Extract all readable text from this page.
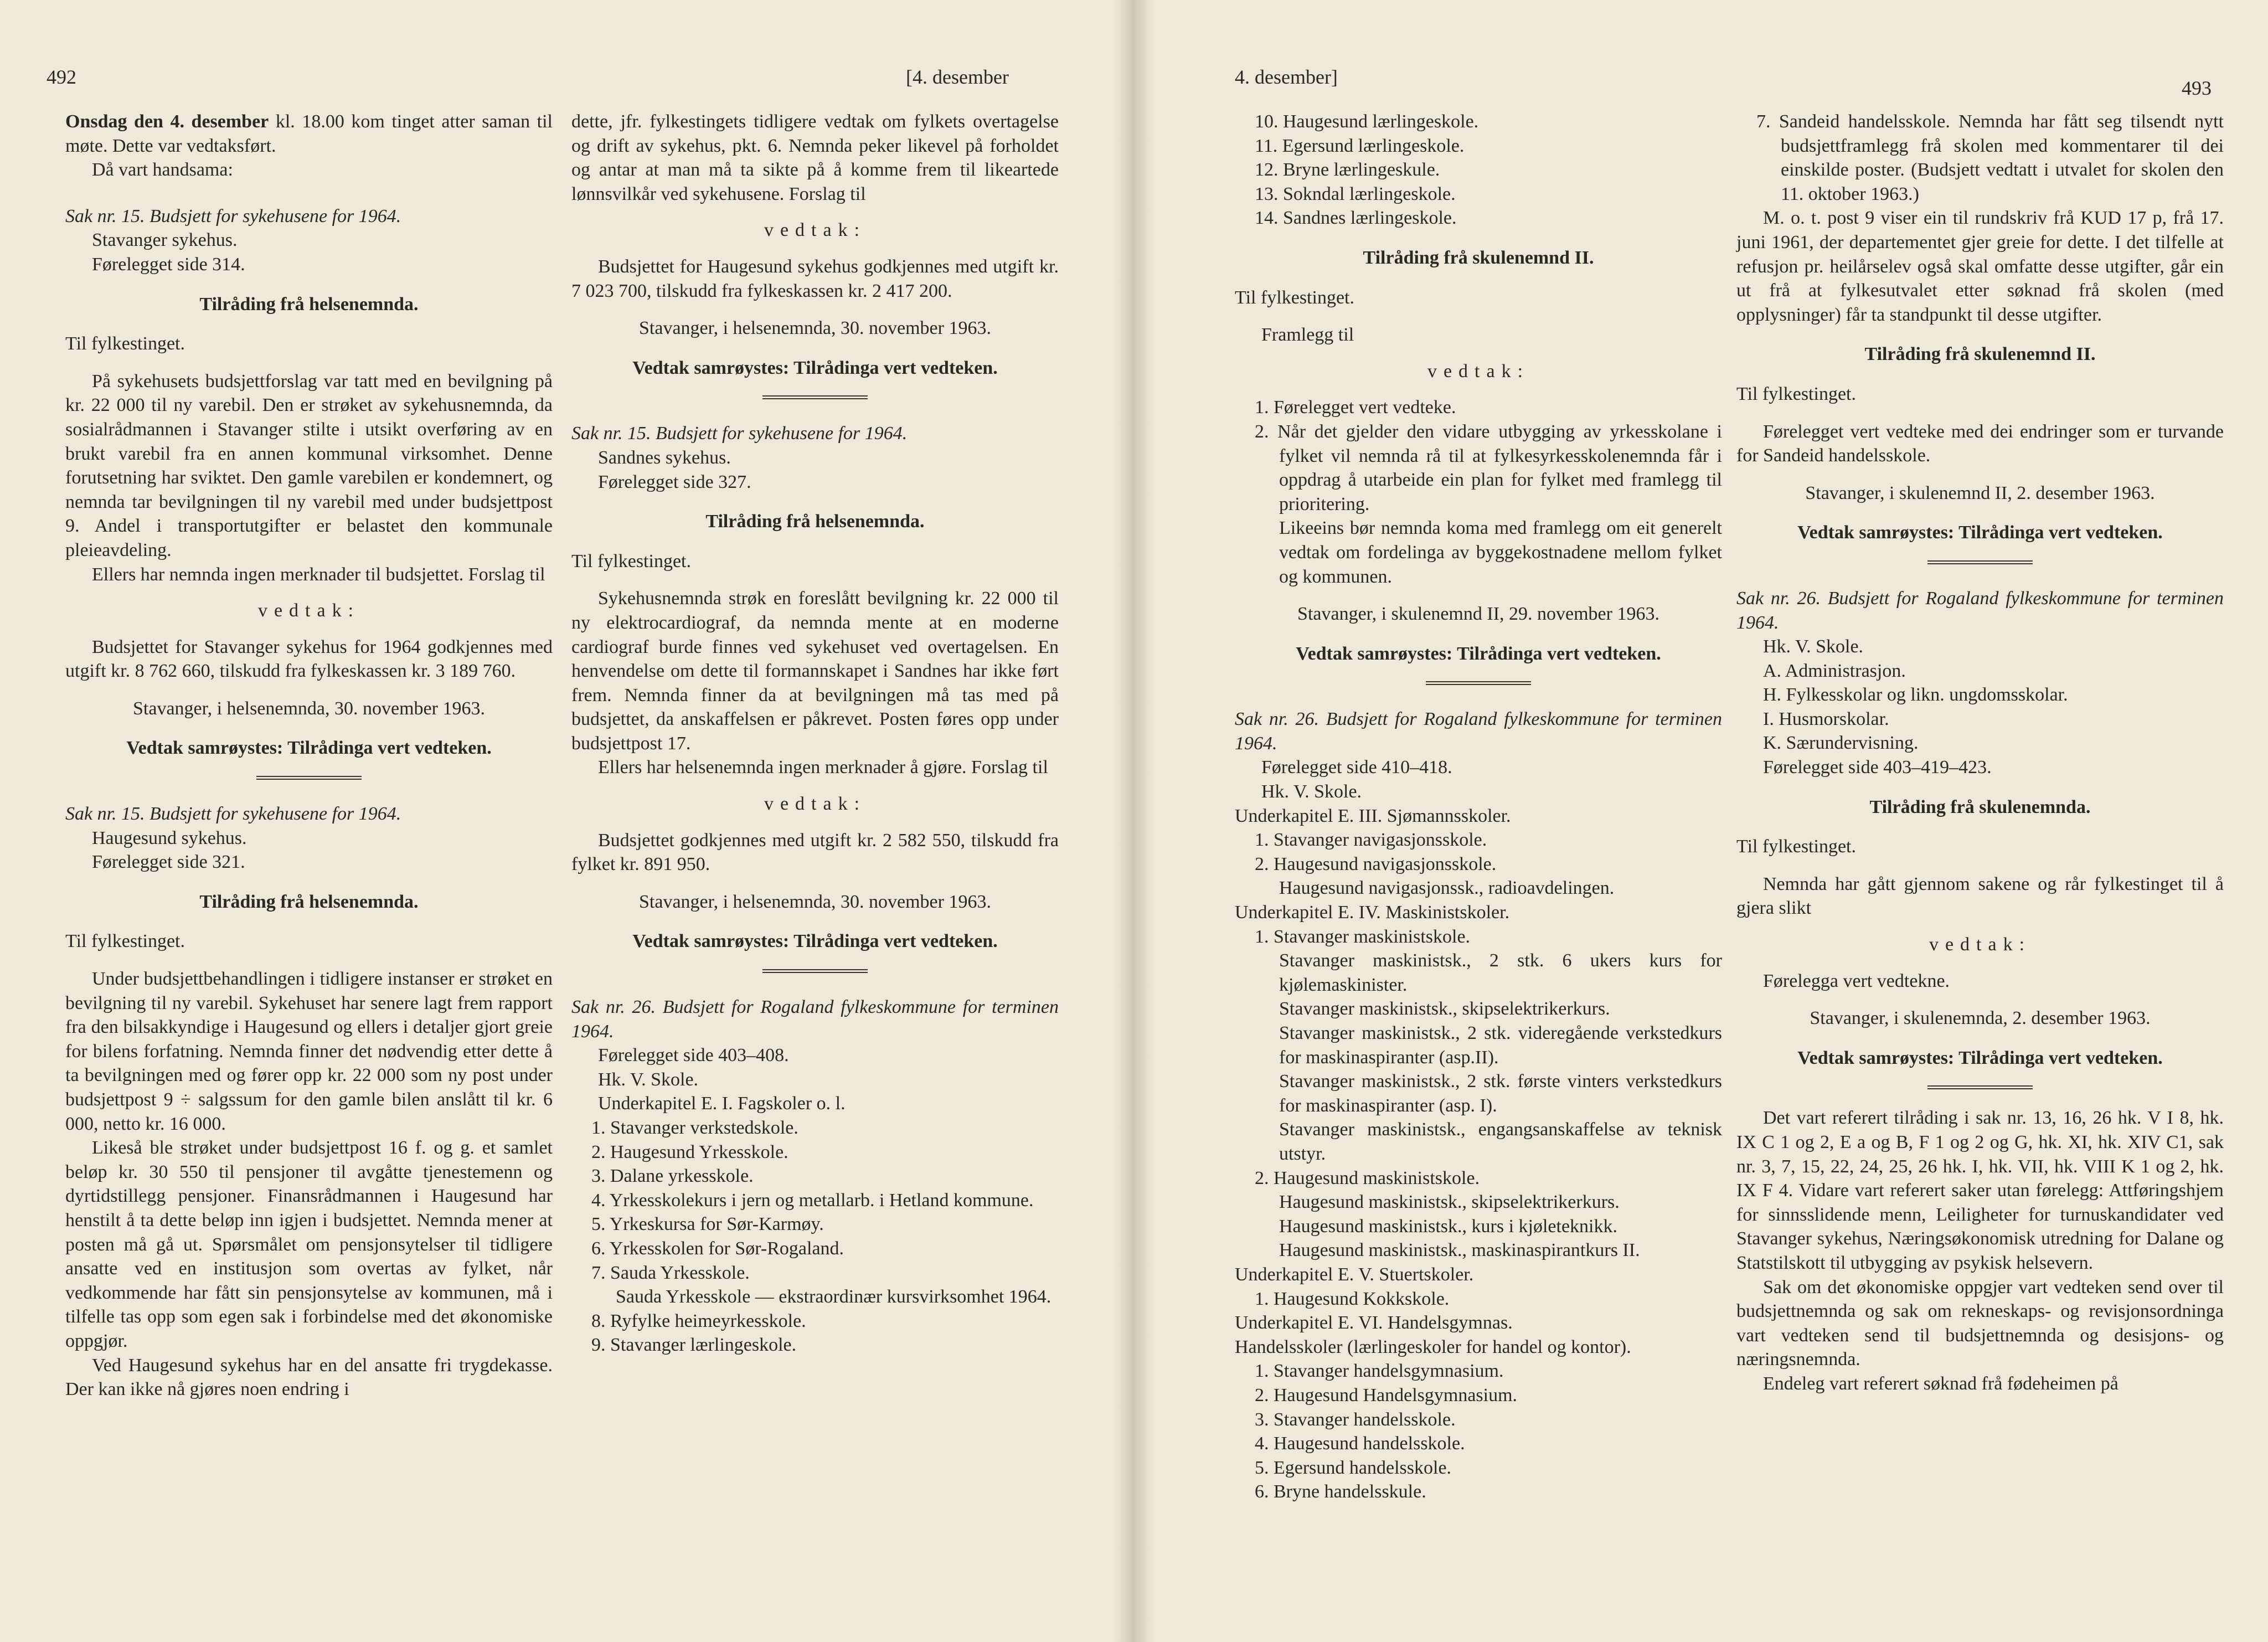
492	[4. desember

Onsdag den 4. desember kl. 18.00 kom tinget atter saman til møte. Dette var vedtaksført.

Då vart handsama:

Sak nr. 15. Budsjett for sykehusene for 1964.

Stavanger sykehus.

Førelegget side 314.

Tilråding frå helsenemnda.

Til fylkestinget.

På sykehusets budsjettforslag var tatt med en bevilgning på kr. 22 000 til ny varebil. Den er strøket av sykehusnemnda, da sosialrådmannen i Stavanger stilte i utsikt overføring av en brukt varebil fra en annen kommunal virksomhet. Denne forutsetning har sviktet. Den gamle varebilen er kondemnert, og nemnda tar bevilgningen til ny varebil med under budsjettpost 9. Andel i transportutgifter er belastet den kommunale pleieavdeling.

Ellers har nemnda ingen merknader til budsjettet. Forslag til

vedtak:

Budsjettet for Stavanger sykehus for 1964 godkjennes med utgift kr. 8 762 660, tilskudd fra fylkeskassen kr. 3 189 760.

Stavanger, i helsenemnda, 30. november 1963.

Vedtak samrøystes: Tilrådinga vert vedteken.

Sak nr. 15. Budsjett for sykehusene for 1964.

Haugesund sykehus.

Førelegget side 321.

Tilråding frå helsenemnda.

Til fylkestinget.

Under budsjettbehandlingen i tidligere instanser er strøket en bevilgning til ny varebil. Sykehuset har senere lagt frem rapport fra den bilsakkyndige i Haugesund og ellers i detaljer gjort greie for bilens forfatning. Nemnda finner det nødvendig etter dette å ta bevilgningen med og fører opp kr. 22 000 som ny post under budsjettpost 9 ÷ salgssum for den gamle bilen anslått til kr. 6 000, netto kr. 16 000.

Likeså ble strøket under budsjettpost 16 f. og g. et samlet beløp kr. 30 550 til pensjoner til avgåtte tjenestemenn og dyrtidstillegg pensjoner. Finansrådmannen i Haugesund har henstilt å ta dette beløp inn igjen i budsjettet. Nemnda mener at posten må gå ut. Spørsmålet om pensjonsytelser til tidligere ansatte ved en institusjon som overtas av fylket, når vedkommende har fått sin pensjonsytelse av kommunen, må i tilfelle tas opp som egen sak i forbindelse med det økonomiske oppgjør.

Ved Haugesund sykehus har en del ansatte fri trygdekasse. Der kan ikke nå gjøres noen endring i

dette, jfr. fylkestingets tidligere vedtak om fylkets overtagelse og drift av sykehus, pkt. 6. Nemnda peker likevel på forholdet og antar at man må ta sikte på å komme frem til likeartede lønnsvilkår ved sykehusene. Forslag til

vedtak:

Budsjettet for Haugesund sykehus godkjennes med utgift kr. 7 023 700, tilskudd fra fylkeskassen kr. 2 417 200.

Stavanger, i helsenemnda, 30. november 1963.

Vedtak samrøystes: Tilrådinga vert vedteken.

Sak nr. 15. Budsjett for sykehusene for 1964.

Sandnes sykehus.

Førelegget side 327.

Tilråding frå helsenemnda.

Til fylkestinget.

Sykehusnemnda strøk en foreslått bevilgning kr. 22 000 til ny elektrocardiograf, da nemnda mente at en moderne cardiograf burde finnes ved sykehuset ved overtagelsen. En henvendelse om dette til formannskapet i Sandnes har ikke ført frem. Nemnda finner da at bevilgningen må tas med på budsjettet, da anskaffelsen er påkrevet. Posten føres opp under budsjettpost 17.

Ellers har helsenemnda ingen merknader å gjøre. Forslag til

vedtak:

Budsjettet godkjennes med utgift kr. 2 582 550, tilskudd fra fylket kr. 891 950.

Stavanger, i helsenemnda, 30. november 1963.

Vedtak samrøystes: Tilrådinga vert vedteken.

Sak nr. 26. Budsjett for Rogaland fylkeskommune for terminen 1964.

Førelegget side 403–408.

Hk. V. Skole.

Underkapitel E. I. Fagskoler o. l.

1. Stavanger verkstedskole.

2. Haugesund Yrkesskole.

3. Dalane yrkesskole.

4. Yrkesskolekurs i jern og metallarb. i Hetland kommune.

5. Yrkeskursa for Sør-Karmøy.

6. Yrkesskolen for Sør-Rogaland.

7. Sauda Yrkesskole.

Sauda Yrkesskole — ekstraordinær kursvirksomhet 1964.

8. Ryfylke heimeyrkesskole.

9. Stavanger lærlingeskole.

4. desember]	493

10. Haugesund lærlingeskole.

11. Egersund lærlingeskole.

12. Bryne lærlingeskule.

13. Sokndal lærlingeskole.

14. Sandnes lærlingeskole.

Tilråding frå skulenemnd II.

Til fylkestinget.

Framlegg til

vedtak:

1. Førelegget vert vedteke.

2. Når det gjelder den vidare utbygging av yrkesskolane i fylket vil nemnda rå til at fylkesyrkesskolenemnda får i oppdrag å utarbeide ein plan for fylket med framlegg til prioritering.

Likeeins bør nemnda koma med framlegg om eit generelt vedtak om fordelinga av byggekostnadene mellom fylket og kommunen.

Stavanger, i skulenemnd II, 29. november 1963.

Vedtak samrøystes: Tilrådinga vert vedteken.

Sak nr. 26. Budsjett for Rogaland fylkeskommune for terminen 1964.

Førelegget side 410–418.

Hk. V. Skole.

Underkapitel E. III. Sjømannsskoler.

1. Stavanger navigasjonsskole.

2. Haugesund navigasjonsskole.

Haugesund navigasjonssk., radioavdelingen.

Underkapitel E. IV. Maskinistskoler.

1. Stavanger maskinistskole.

Stavanger maskinistsk., 2 stk. 6 ukers kurs for kjølemaskinister.

Stavanger maskinistsk., skipselektrikerkurs.

Stavanger maskinistsk., 2 stk. videregående verkstedkurs for maskinaspiranter (asp.II).

Stavanger maskinistsk., 2 stk. første vinters verkstedkurs for maskinaspiranter (asp. I).

Stavanger maskinistsk., engangsanskaffelse av teknisk utstyr.

2. Haugesund maskinistskole.

Haugesund maskinistsk., skipselektrikerkurs.

Haugesund maskinistsk., kurs i kjøleteknikk.

Haugesund maskinistsk., maskinaspirantkurs II.

Underkapitel E. V. Stuertskoler.

1. Haugesund Kokkskole.

Underkapitel E. VI. Handelsgymnas.

Handelsskoler (lærlingeskoler for handel og kontor).

1. Stavanger handelsgymnasium.

2. Haugesund Handelsgymnasium.

3. Stavanger handelsskole.

4. Haugesund handelsskole.

5. Egersund handelsskole.

6. Bryne handelsskule.

7. Sandeid handelsskole. Nemnda har fått seg tilsendt nytt budsjettframlegg frå skolen med kommentarer til dei einskilde poster. (Budsjett vedtatt i utvalet for skolen den 11. oktober 1963.)

M. o. t. post 9 viser ein til rundskriv frå KUD 17 p, frå 17. juni 1961, der departementet gjer greie for dette. I det tilfelle at refusjon pr. heilårselev også skal omfatte desse utgifter, går ein ut frå at fylkesutvalet etter søknad frå skolen (med opplysninger) får ta standpunkt til desse utgifter.

Tilråding frå skulenemnd II.

Til fylkestinget.

Førelegget vert vedteke med dei endringer som er turvande for Sandeid handelsskole.

Stavanger, i skulenemnd II, 2. desember 1963.

Vedtak samrøystes: Tilrådinga vert vedteken.

Sak nr. 26. Budsjett for Rogaland fylkeskommune for terminen 1964.

Hk. V. Skole.

A. Administrasjon.

H. Fylkesskolar og likn. ungdomsskolar.

I. Husmorskolar.

K. Særundervisning.

Førelegget side 403–419–423.

Tilråding frå skulenemnda.

Til fylkestinget.

Nemnda har gått gjennom sakene og rår fylkestinget til å gjera slikt

vedtak:

Førelegga vert vedtekne.

Stavanger, i skulenemnda, 2. desember 1963.

Vedtak samrøystes: Tilrådinga vert vedteken.

Det vart referert tilråding i sak nr. 13, 16, 26 hk. V I 8, hk. IX C 1 og 2, E a og B, F 1 og 2 og G, hk. XI, hk. XIV C1, sak nr. 3, 7, 15, 22, 24, 25, 26 hk. I, hk. VII, hk. VIII K 1 og 2, hk. IX F 4. Vidare vart referert saker utan førelegg: Attføringshjem for sinnsslidende menn, Leiligheter for turnuskandidater ved Stavanger sykehus, Næringsøkonomisk utredning for Dalane og Statstilskott til utbygging av psykisk helsevern.

Sak om det økonomiske oppgjer vart vedteken send over til budsjettnemnda og sak om rekneskaps- og revisjonsordninga vart vedteken send til budsjettnemnda og desisjons- og næringsnemnda.

Endeleg vart referert søknad frå fødeheimen på
